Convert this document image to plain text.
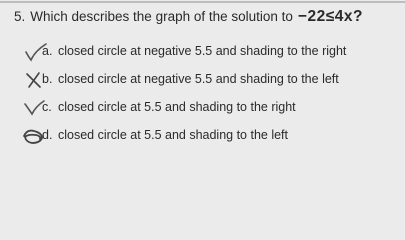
5. Which describes the graph of the solution to −22≤4x?
a. closed circle at negative 5.5 and shading to the right
b. closed circle at negative 5.5 and shading to the left
c. closed circle at 5.5 and shading to the right
d. closed circle at 5.5 and shading to the left
